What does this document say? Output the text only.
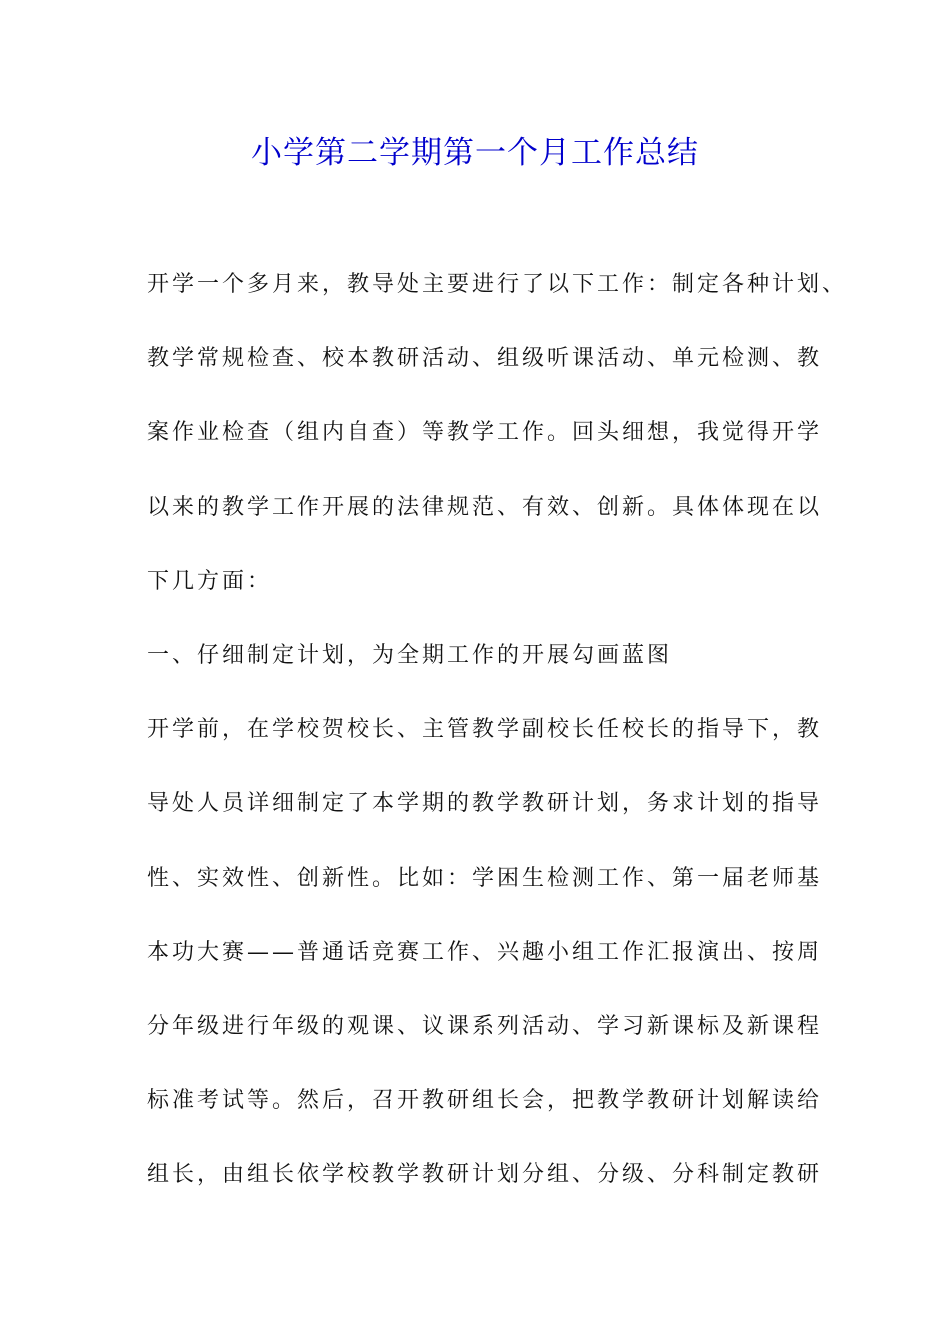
小学第二学期第一个月工作总结
开学一个多月来，教导处主要进行了以下工作：制定各种计划、
教学常规检查、校本教研活动、组级听课活动、单元检测、教
案作业检查（组内自查）等教学工作。回头细想，我觉得开学
以来的教学工作开展的法律规范、有效、创新。具体体现在以
下几方面：
一、仔细制定计划，为全期工作的开展勾画蓝图
开学前，在学校贺校长、主管教学副校长任校长的指导下，教
导处人员详细制定了本学期的教学教研计划，务求计划的指导
性、实效性、创新性。比如：学困生检测工作、第一届老师基
本功大赛——普通话竞赛工作、兴趣小组工作汇报演出、按周
分年级进行年级的观课、议课系列活动、学习新课标及新课程
标准考试等。然后，召开教研组长会，把教学教研计划解读给
组长，由组长依学校教学教研计划分组、分级、分科制定教研
